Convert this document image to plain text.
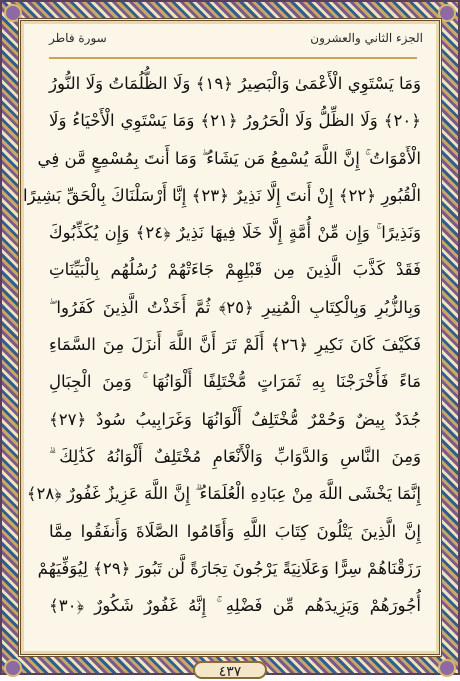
سورة فاطر	الجزء الثاني والعشرون
وَمَا يَسْتَوِي الْأَعْمَىٰ وَالْبَصِيرُ ﴿١٩﴾ وَلَا الظُّلُمَاتُ وَلَا النُّورُ
﴿٢٠﴾ وَلَا الظِّلُّ وَلَا الْحَرُورُ ﴿٢١﴾ وَمَا يَسْتَوِي الْأَحْيَاءُ وَلَا
الْأَمْوَاتُ ۚ إِنَّ اللَّهَ يُسْمِعُ مَن يَشَاءُ ۖ وَمَا أَنتَ بِمُسْمِعٍ مَّن فِي
الْقُبُورِ ﴿٢٢﴾ إِنْ أَنتَ إِلَّا نَذِيرٌ ﴿٢٣﴾ إِنَّا أَرْسَلْنَاكَ بِالْحَقِّ بَشِيرًا
وَنَذِيرًا ۚ وَإِن مِّنْ أُمَّةٍ إِلَّا خَلَا فِيهَا نَذِيرٌ ﴿٢٤﴾ وَإِن يُكَذِّبُوكَ
فَقَدْ كَذَّبَ الَّذِينَ مِن قَبْلِهِمْ جَاءَتْهُمْ رُسُلُهُم بِالْبَيِّنَاتِ
وَبِالزُّبُرِ وَبِالْكِتَابِ الْمُنِيرِ ﴿٢٥﴾ ثُمَّ أَخَذْتُ الَّذِينَ كَفَرُوا ۖ
فَكَيْفَ كَانَ نَكِيرِ ﴿٢٦﴾ أَلَمْ تَرَ أَنَّ اللَّهَ أَنزَلَ مِنَ السَّمَاءِ
مَاءً فَأَخْرَجْنَا بِهِ ثَمَرَاتٍ مُّخْتَلِفًا أَلْوَانُهَا ۚ وَمِنَ الْجِبَالِ
جُدَدٌ بِيضٌ وَحُمْرٌ مُّخْتَلِفٌ أَلْوَانُهَا وَغَرَابِيبُ سُودٌ ﴿٢٧﴾
وَمِنَ النَّاسِ وَالدَّوَابِّ وَالْأَنْعَامِ مُخْتَلِفٌ أَلْوَانُهُ كَذَٰلِكَ ۗ
إِنَّمَا يَخْشَى اللَّهَ مِنْ عِبَادِهِ الْعُلَمَاءُ ۗ إِنَّ اللَّهَ عَزِيزٌ غَفُورٌ ﴿٢٨﴾
إِنَّ الَّذِينَ يَتْلُونَ كِتَابَ اللَّهِ وَأَقَامُوا الصَّلَاةَ وَأَنفَقُوا مِمَّا
رَزَقْنَاهُمْ سِرًّا وَعَلَانِيَةً يَرْجُونَ تِجَارَةً لَّن تَبُورَ ﴿٢٩﴾ لِيُوَفِّيَهُمْ
أُجُورَهُمْ وَيَزِيدَهُم مِّن فَضْلِهِ ۚ إِنَّهُ غَفُورٌ شَكُورٌ ﴿٣٠﴾
٤٣٧
